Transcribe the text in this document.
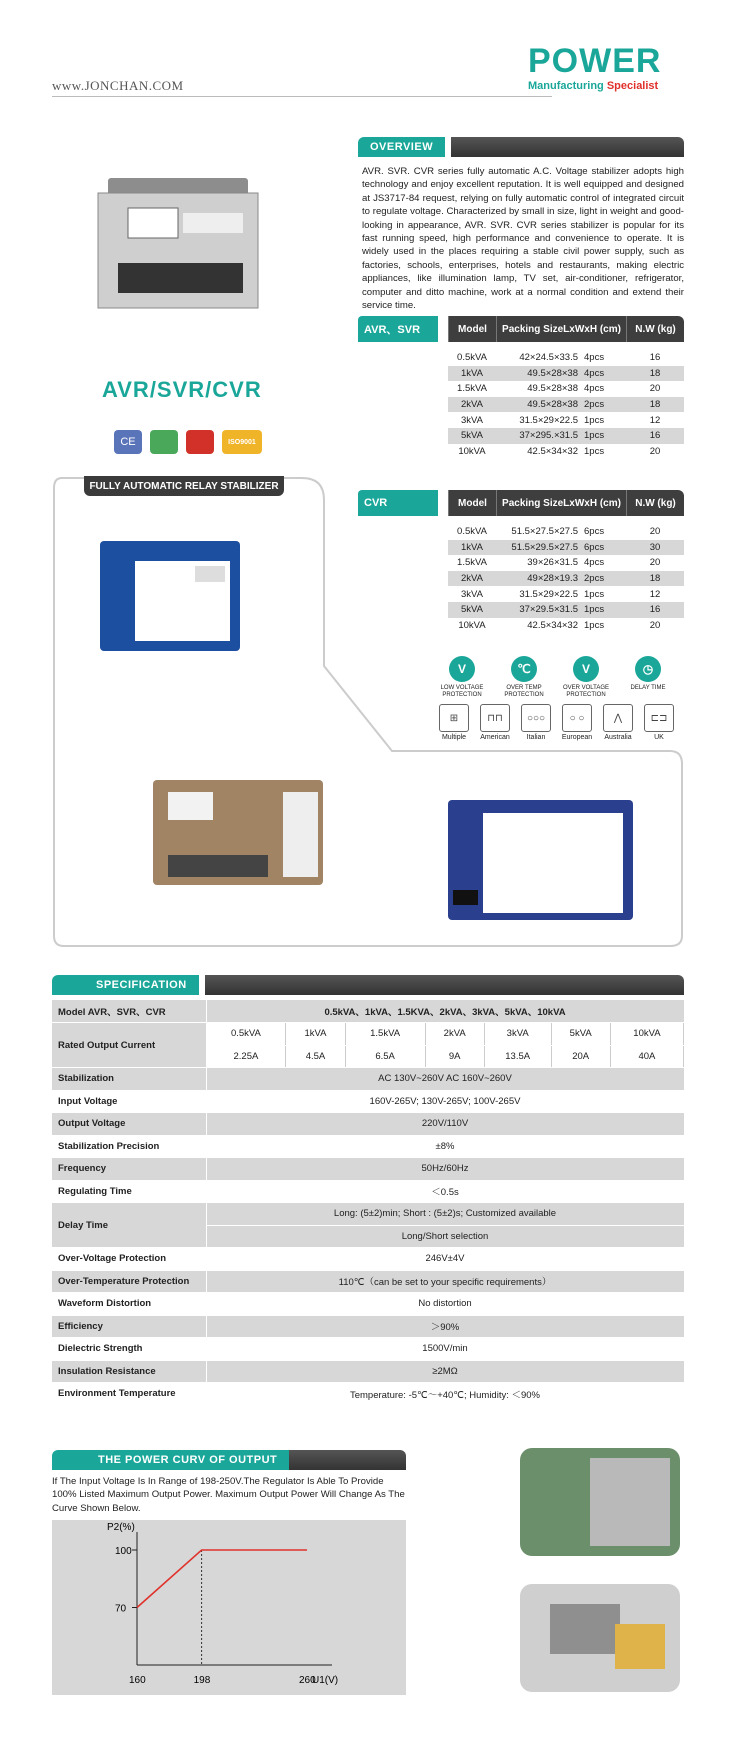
www.JONCHAN.COM
POWER
Manufacturing Specialist
OVERVIEW
AVR. SVR. CVR series fully automatic A.C. Voltage stabilizer adopts high technology and enjoy excellent reputation. It is well equipped and designed at JS3717-84 request, relying on fully automatic control of integrated circuit to regulate voltage. Characterized by small in size, light in weight and good-looking in appearance, AVR. SVR. CVR series stabilizer is popular for its fast running speed, high performance and convenience to operate. It is widely used in the places requiring a stable civil power supply, such as factories, schools, enterprises, hotels and restaurants, making electric appliances, like illumination lamp, TV set, air-conditioner, refrigerator, computer and ditto machine, work at a normal condition and extend their service time.
AVR/SVR/CVR
CE	ISO9001
FULLY AUTOMATIC RELAY STABILIZER
AVR、SVR	Model	Packing SizeLxWxH (cm)	N.W (kg)
0.5kVA	42×24.5×33.5 4pcs	16
1kVA	49.5×28×38 4pcs	18
1.5kVA	49.5×28×38 4pcs	20
2kVA	49.5×28×38 2pcs	18
3kVA	31.5×29×22.5 1pcs	12
5kVA	37×295.×31.5 1pcs	16
10kVA	42.5×34×32 1pcs	20
CVR	Model	Packing SizeLxWxH (cm)	N.W (kg)
0.5kVA	51.5×27.5×27.5 6pcs	20
1kVA	51.5×29.5×27.5 6pcs	30
1.5kVA	39×26×31.5 4pcs	20
2kVA	49×28×19.3 2pcs	18
3kVA	31.5×29×22.5 1pcs	12
5kVA	37×29.5×31.5 1pcs	16
10kVA	42.5×34×32 1pcs	20
V
LOW VOLTAGE PROTECTION
℃
OVER TEMP PROTECTION
V
OVER VOLTAGE PROTECTION
◷
DELAY TIME
⊞
Multiple
⊓⊓
American
○○○
Italian
○ ○
European
⋀
Australia
⊏⊐
UK
SPECIFICATION
Model AVR、SVR、CVR	0.5kVA、1kVA、1.5KVA、2kVA、3kVA、5kVA、10kVA						
Rated Output Current	0.5kVA	1kVA	1.5kVA	2kVA	3kVA	5kVA	10kVA
	2.25A	4.5A	6.5A	9A	13.5A	20A	40A
Stabilization	AC 130V~260V AC 160V~260V						
Input Voltage	160V-265V; 130V-265V; 100V-265V						
Output Voltage	220V/110V						
Stabilization Precision	±8%						
Frequency	50Hz/60Hz						
Regulating Time	＜0.5s						
Delay Time	Long: (5±2)min; Short : (5±2)s; Customized available						
	Long/Short selection						
Over-Voltage Protection	246V±4V						
Over-Temperature Protection	110℃（can be set to your specific requirements）						
Waveform Distortion	No distortion						
Efficiency	＞90%						
Dielectric Strength	1500V/min						
Insulation Resistance	≥2MΩ						
Environment Temperature	Temperature: -5℃～+40℃; Humidity: ＜90%						
THE POWER CURV OF OUTPUT
If The Input Voltage Is In Range of 198-250V.The Regulator Is Able To Provide 100% Listed Maximum Output Power. Maximum Output Power Will Change As The Curve Shown Below.
P2(%)
U1(V)
70
100
160	198	260
